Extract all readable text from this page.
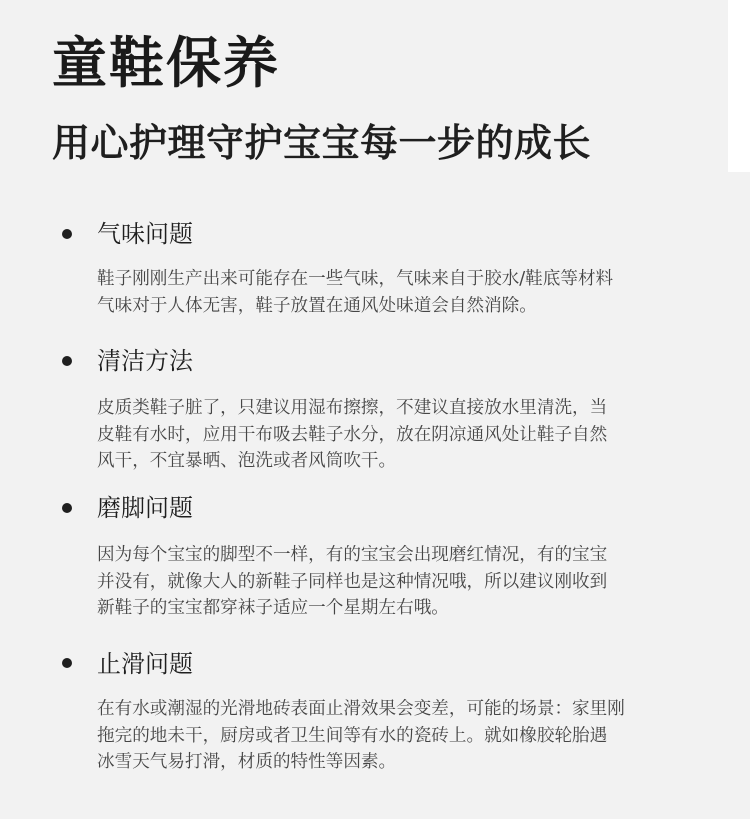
童鞋保养
用心护理守护宝宝每一步的成长
气味问题

鞋子刚刚生产出来可能存在一些气味，气味来自于胶水/鞋底等材料
气味对于人体无害，鞋子放置在通风处味道会自然消除。

清洁方法

皮质类鞋子脏了，只建议用湿布擦擦，不建议直接放水里清洗，当
皮鞋有水时，应用干布吸去鞋子水分，放在阴凉通风处让鞋子自然
风干，不宜暴晒、泡洗或者风筒吹干。

磨脚问题

因为每个宝宝的脚型不一样，有的宝宝会出现磨红情况，有的宝宝
并没有，就像大人的新鞋子同样也是这种情况哦，所以建议刚收到
新鞋子的宝宝都穿袜子适应一个星期左右哦。

止滑问题

在有水或潮湿的光滑地砖表面止滑效果会变差，可能的场景：家里刚
拖完的地未干，厨房或者卫生间等有水的瓷砖上。就如橡胶轮胎遇
冰雪天气易打滑，材质的特性等因素。
